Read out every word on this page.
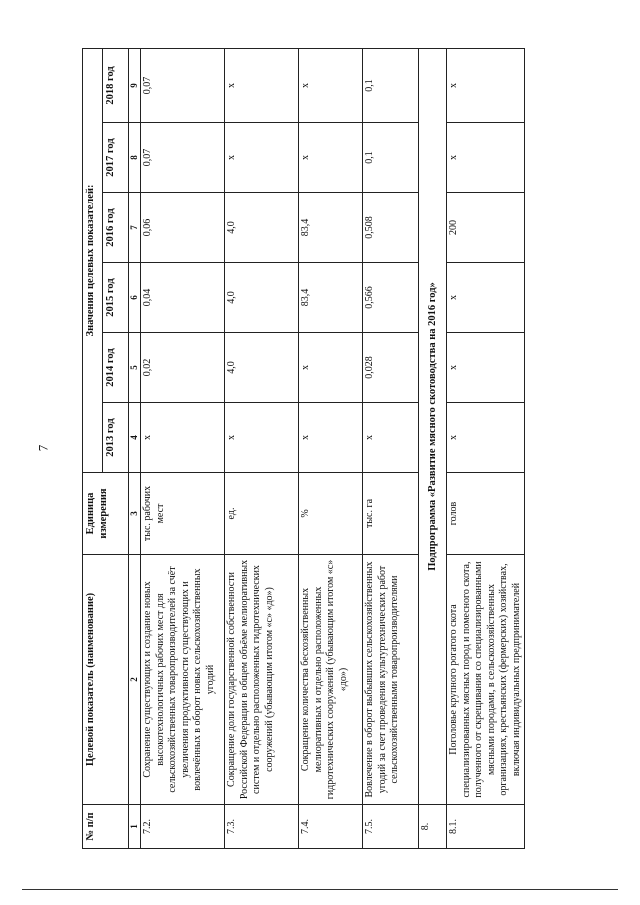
7
№ п/п	Целевой показатель (наименование)	Единица измерения	Значения целевых показателей:					
			2013 год	2014 год	2015 год	2016 год	2017 год	2018 год
1	2	3	4	5	6	7	8	9
7.2.	Сохранение существующих и создание новых высокотехнологичных рабочих мест для сельскохозяйственных товаропроизводителей за счёт увеличения продуктивности существующих и вовлечённых в оборот новых сельскохозяйственных угодий	тыс. рабочих мест	х	0,02	0,04	0,06	0,07	0,07
7.3.	Сокращение доли государственной собственности Российской Федерации в общем объёме мелиоративных систем и отдельно расположенных гидротехнических сооружений (убывающим итогом «с» «до»)	ед.	х	4,0	4,0	4,0	х	х
7.4.	Сокращение количества бесхозяйственных мелиоративных и отдельно расположенных гидротехнических сооружений (убывающим итогом «с» «до»)	%	х	х	83,4	83,4	х	х
7.5.	Вовлечение в оборот выбывших сельскохозяйственных угодий за счет проведения культуртехнических работ сельскохозяйственными товаропроизводителями	тыс. га	х	0,028	0,566	0,508	0,1	0,1
8.	Подпрограмма «Развитие мясного скотоводства на 2016 год»							
8.1.	Поголовье крупного рогатого скота специализированных мясных пород и помесного скота, полученного от скрещивания со специализированными мясными породами, в сельскохозяйственных организациях, крестьянских (фермерских) хозяйствах, включая индивидуальных предпринимателей	голов	х	х	х	200	х	х
